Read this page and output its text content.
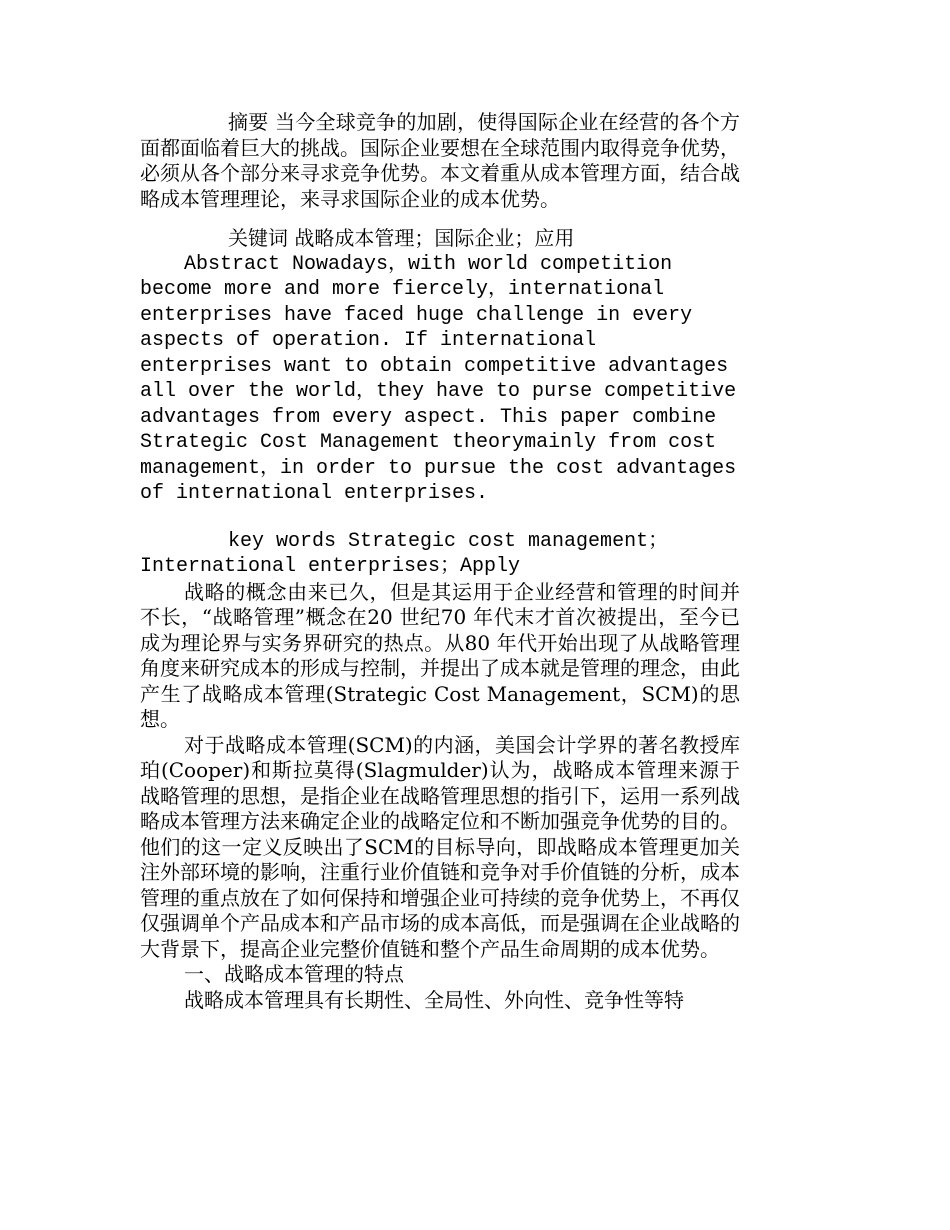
摘要 当今全球竞争的加剧，使得国际企业在经营的各个方面都面临着巨大的挑战。国际企业要想在全球范围内取得竞争优势，必须从各个部分来寻求竞争优势。本文着重从成本管理方面，结合战略成本管理理论，来寻求国际企业的成本优势。

关键词 战略成本管理；国际企业；应用

Abstract Nowadays，with world competition become more and more fiercely，international enterprises have faced huge challenge in every aspects of operation. If international enterprises want to obtain competitive advantages all over the world，they have to purse competitive advantages from every aspect. This paper combine Strategic Cost Management theorymainly from cost management，in order to pursue the cost advantages of international enterprises.

key words Strategic cost management；International enterprises；Apply

战略的概念由来已久，但是其运用于企业经营和管理的时间并不长，“战略管理”概念在20 世纪70 年代末才首次被提出，至今已成为理论界与实务界研究的热点。从80 年代开始出现了从战略管理角度来研究成本的形成与控制，并提出了成本就是管理的理念，由此产生了战略成本管理(Strategic Cost Management，SCM)的思想。

对于战略成本管理(SCM)的内涵，美国会计学界的著名教授库珀(Cooper)和斯拉莫得(Slagmulder)认为，战略成本管理来源于战略管理的思想，是指企业在战略管理思想的指引下，运用一系列战略成本管理方法来确定企业的战略定位和不断加强竞争优势的目的。他们的这一定义反映出了SCM的目标导向，即战略成本管理更加关注外部环境的影响，注重行业价值链和竞争对手价值链的分析，成本管理的重点放在了如何保持和增强企业可持续的竞争优势上，不再仅仅强调单个产品成本和产品市场的成本高低，而是强调在企业战略的大背景下，提高企业完整价值链和整个产品生命周期的成本优势。

一、战略成本管理的特点

战略成本管理具有长期性、全局性、外向性、竞争性等特
